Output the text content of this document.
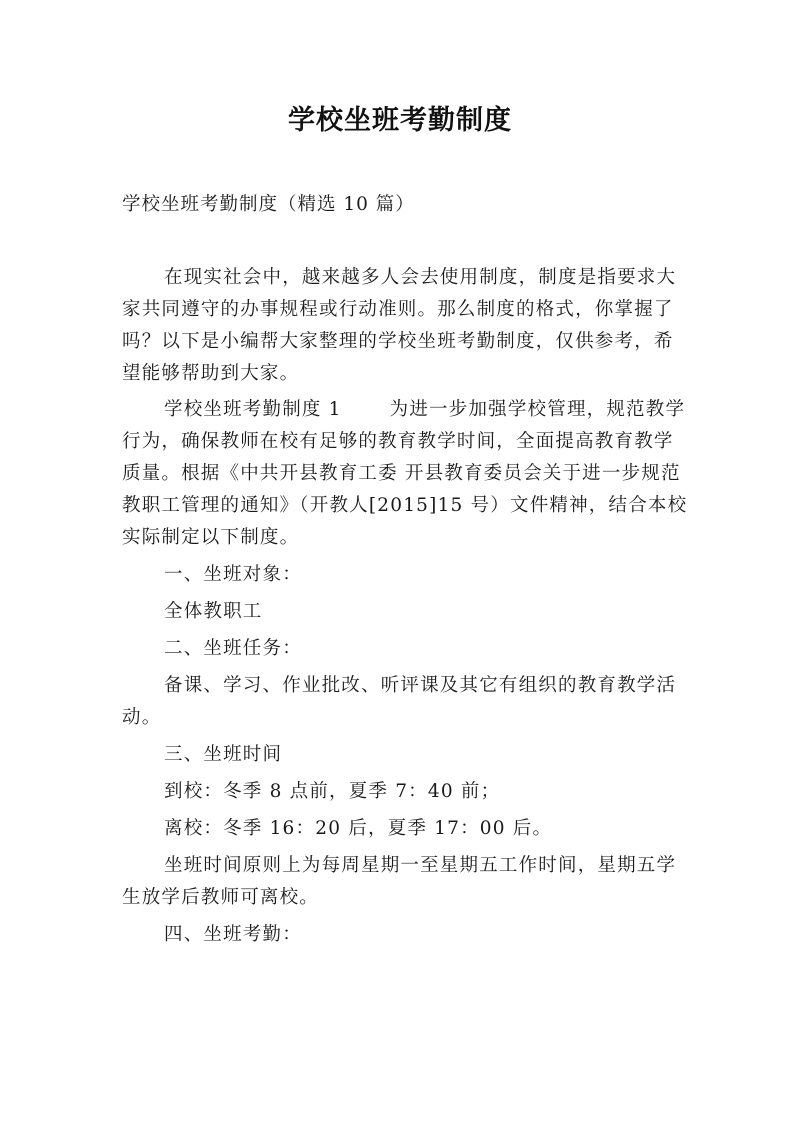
学校坐班考勤制度
学校坐班考勤制度（精选 10 篇）

在现实社会中，越来越多人会去使用制度，制度是指要求大家共同遵守的办事规程或行动准则。那么制度的格式，你掌握了吗？以下是小编帮大家整理的学校坐班考勤制度，仅供参考，希望能够帮助到大家。

学校坐班考勤制度 1	为进一步加强学校管理，规范教学行为，确保教师在校有足够的教育教学时间，全面提高教育教学质量。根据《中共开县教育工委 开县教育委员会关于进一步规范教职工管理的通知》（开教人[2015]15 号）文件精神，结合本校实际制定以下制度。

一、坐班对象：

全体教职工

二、坐班任务：

备课、学习、作业批改、听评课及其它有组织的教育教学活动。

三、坐班时间

到校：冬季 8 点前，夏季 7：40 前；

离校：冬季 16：20 后，夏季 17：00 后。

坐班时间原则上为每周星期一至星期五工作时间，星期五学生放学后教师可离校。

四、坐班考勤：
